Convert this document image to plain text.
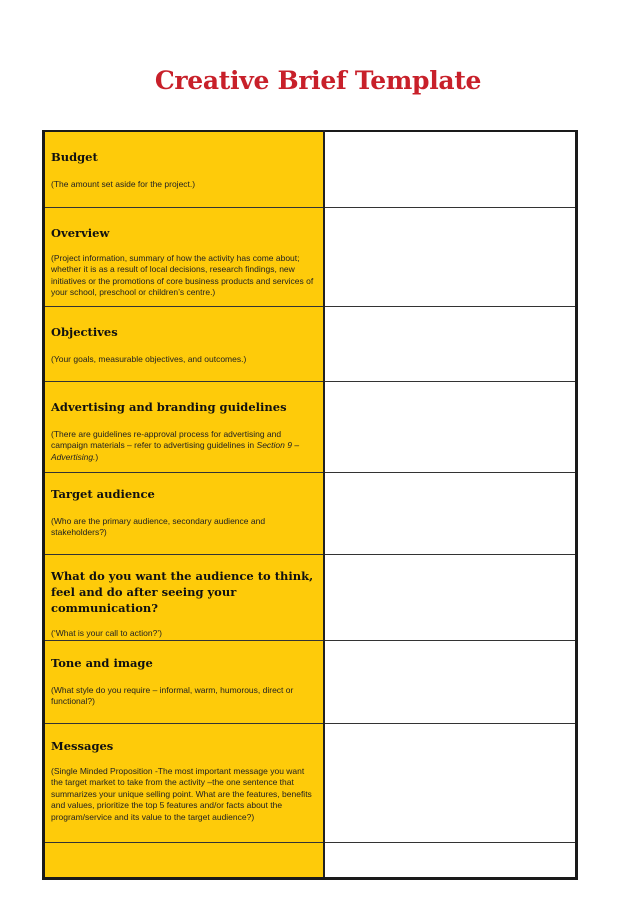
Creative Brief Template
Budget
(The amount set aside for the project.)

Overview
(Project information, summary of how the activity has come about; whether it is as a result of local decisions, research findings, new initiatives or the promotions of core business products and services of your school, preschool or children’s centre.)

Objectives
(Your goals, measurable objectives, and outcomes.)

Advertising and branding guidelines
(There are guidelines re-approval process for advertising and campaign materials – refer to advertising guidelines in Section 9 – Advertising.)

Target audience
(Who are the primary audience, secondary audience and stakeholders?)

What do you want the audience to think, feel and do after seeing your communication?
(‘What is your call to action?’)

Tone and image
(What style do you require – informal, warm, humorous, direct or functional?)

Messages
(Single Minded Proposition -The most important message you want the target market to take from the activity –the one sentence that summarizes your unique selling point. What are the features, benefits and values, prioritize the top 5 features and/or facts about the program/service and its value to the target audience?)
